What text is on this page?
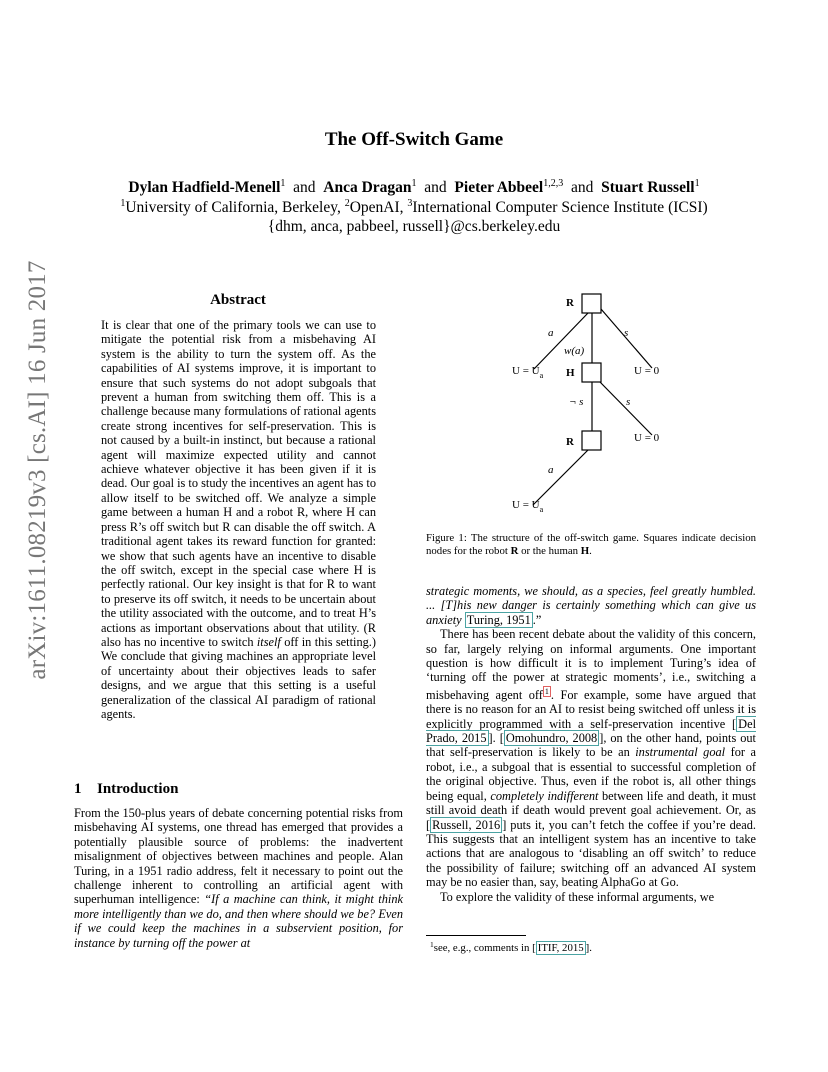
The Off-Switch Game
Dylan Hadfield-Menell$^1$ and Anca Dragan$^1$ and Pieter Abbeel$^{1,2,3}$ and Stuart Russell$^1$
$^1$University of California, Berkeley, $^2$OpenAI, $^3$International Computer Science Institute (ICSI)
{dhm, anca, pabbeel, russell}@cs.berkeley.edu
arXiv:1611.08219v3 [cs.AI] 16 Jun 2017	Abstract
It is clear that one of the primary tools we can use to mitigate the potential risk from a misbehaving AI system is the ability to turn the system off. As the capabilities of AI systems improve, it is important to ensure that such systems do not adopt subgoals that prevent a human from switching them off. This is a challenge because many formulations of rational agents create strong incentives for self-preservation. This is not caused by a built-in instinct, but because a rational agent will maximize expected utility and cannot achieve whatever objective it has been given if it is dead. Our goal is to study the incentives an agent has to allow itself to be switched off. We analyze a simple game between a human H and a robot R, where H can press R’s off switch but R can disable the off switch. A traditional agent takes its reward function for granted: we show that such agents have an incentive to disable the off switch, except in the special case where H is perfectly rational. Our key insight is that for R to want to preserve its off switch, it needs to be uncertain about the utility associated with the outcome, and to treat H’s actions as important observations about that utility. (R also has no incentive to switch itself off in this setting.) We conclude that giving machines an appropriate level of uncertainty about their objectives leads to safer designs, and we argue that this setting is a useful generalization of the classical AI paradigm of rational agents.
1 Introduction
From the 150-plus years of debate concerning potential risks from misbehaving AI systems, one thread has emerged that provides a potentially plausible source of problems: the inadvertent misalignment of objectives between machines and people. Alan Turing, in a 1951 radio address, felt it necessary to point out the challenge inherent to controlling an artificial agent with superhuman intelligence: “If a machine can think, it might think more intelligently than we do, and then where should we be? Even if we could keep the machines in a subservient position, for instance by turning off the power at
R
H
R
a	s
w(a)
¬ s	s
a
$U = U_a$	U = 0
U = 0
$U = U_a$
Figure 1: The structure of the off-switch game. Squares indicate decision nodes for the robot R or the human H.

strategic moments, we should, as a species, feel greatly humbled. ... [T]his new danger is certainly something which can give us anxiety Turing, 1951 .”

There has been recent debate about the validity of this concern, so far, largely relying on informal arguments. One important question is how difficult it is to implement Turing’s idea of ‘turning off the power at strategic moments’, i.e., switching a misbehaving agent off $^1$ . For example, some have argued that there is no reason for an AI to resist being switched off unless it is explicitly programmed with a self-preservation incentive [ Del Prado, 2015 ]. [ Omohundro, 2008 ], on the other hand, points out that self-preservation is likely to be an instrumental goal for a robot, i.e., a subgoal that is essential to successful completion of the original objective. Thus, even if the robot is, all other things being equal, completely indifferent between life and death, it must still avoid death if death would prevent goal achievement. Or, as [ Russell, 2016 ] puts it, you can’t fetch the coffee if you’re dead. This suggests that an intelligent system has an incentive to take actions that are analogous to ‘disabling an off switch’ to reduce the possibility of failure; switching off an advanced AI system may be no easier than, say, beating AlphaGo at Go.

To explore the validity of these informal arguments, we

$^1$see, e.g., comments in [ ITIF, 2015 ].
